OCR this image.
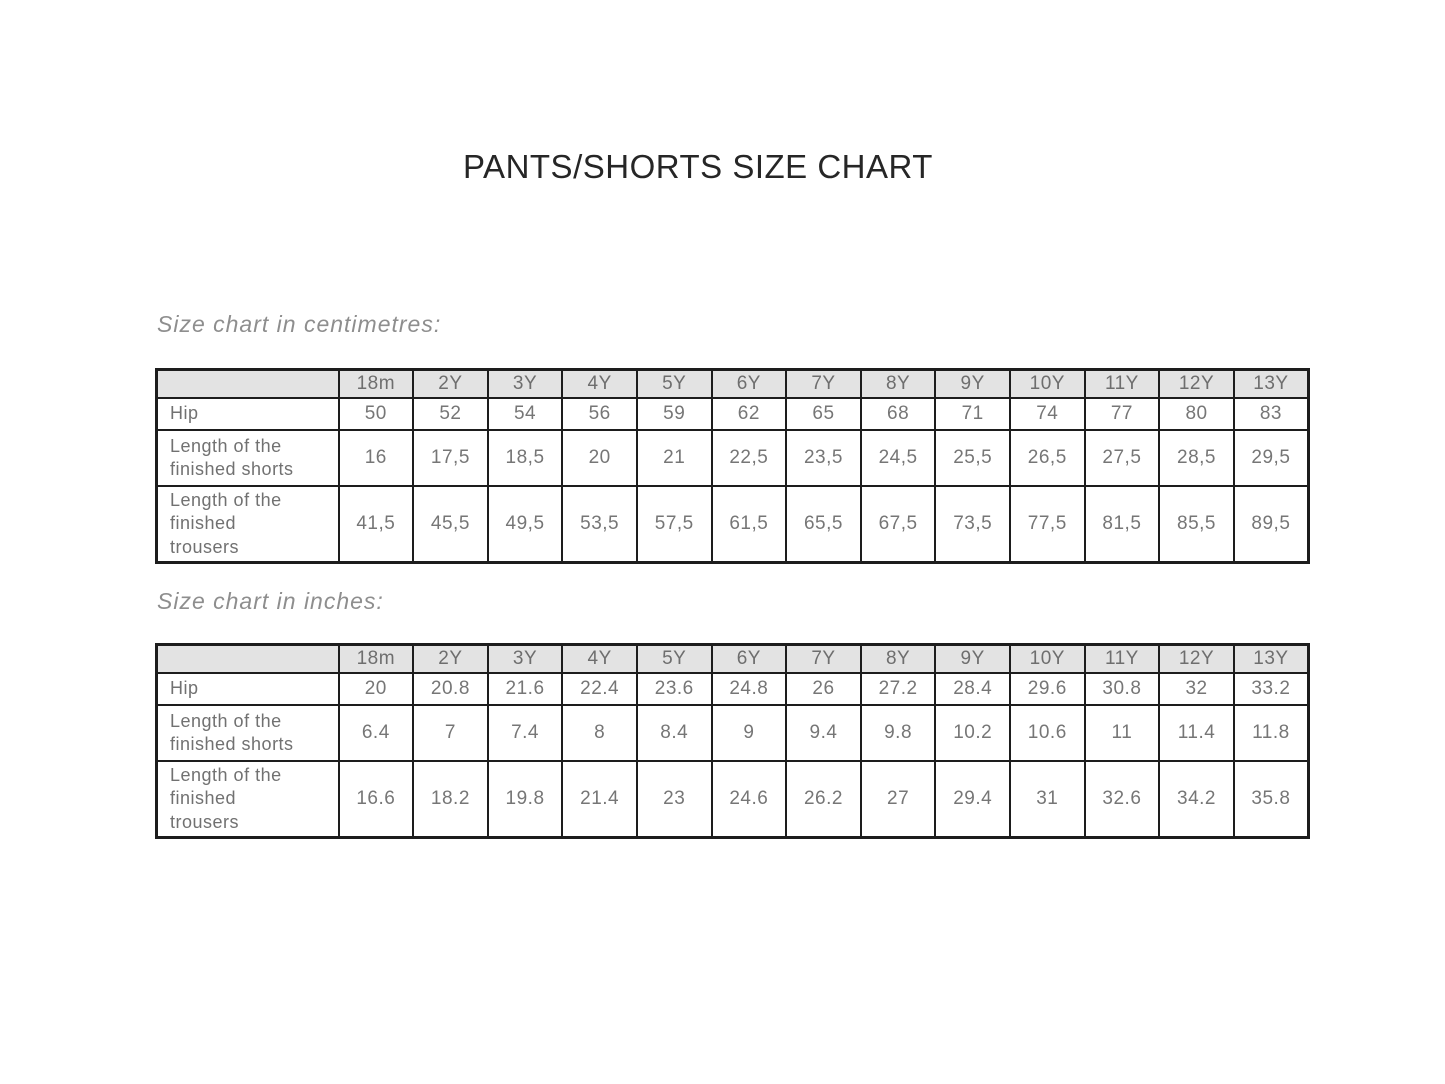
PANTS/SHORTS SIZE CHART
Size chart in centimetres:
	18m	2Y	3Y	4Y	5Y	6Y	7Y	8Y	9Y	10Y	11Y	12Y	13Y
Hip	50	52	54	56	59	62	65	68	71	74	77	80	83
Length of the finished shorts	16	17,5	18,5	20	21	22,5	23,5	24,5	25,5	26,5	27,5	28,5	29,5
Length of the finished trousers	41,5	45,5	49,5	53,5	57,5	61,5	65,5	67,5	73,5	77,5	81,5	85,5	89,5
Size chart in inches:
	18m	2Y	3Y	4Y	5Y	6Y	7Y	8Y	9Y	10Y	11Y	12Y	13Y
Hip	20	20.8	21.6	22.4	23.6	24.8	26	27.2	28.4	29.6	30.8	32	33.2
Length of the finished shorts	6.4	7	7.4	8	8.4	9	9.4	9.8	10.2	10.6	11	11.4	11.8
Length of the finished trousers	16.6	18.2	19.8	21.4	23	24.6	26.2	27	29.4	31	32.6	34.2	35.8
